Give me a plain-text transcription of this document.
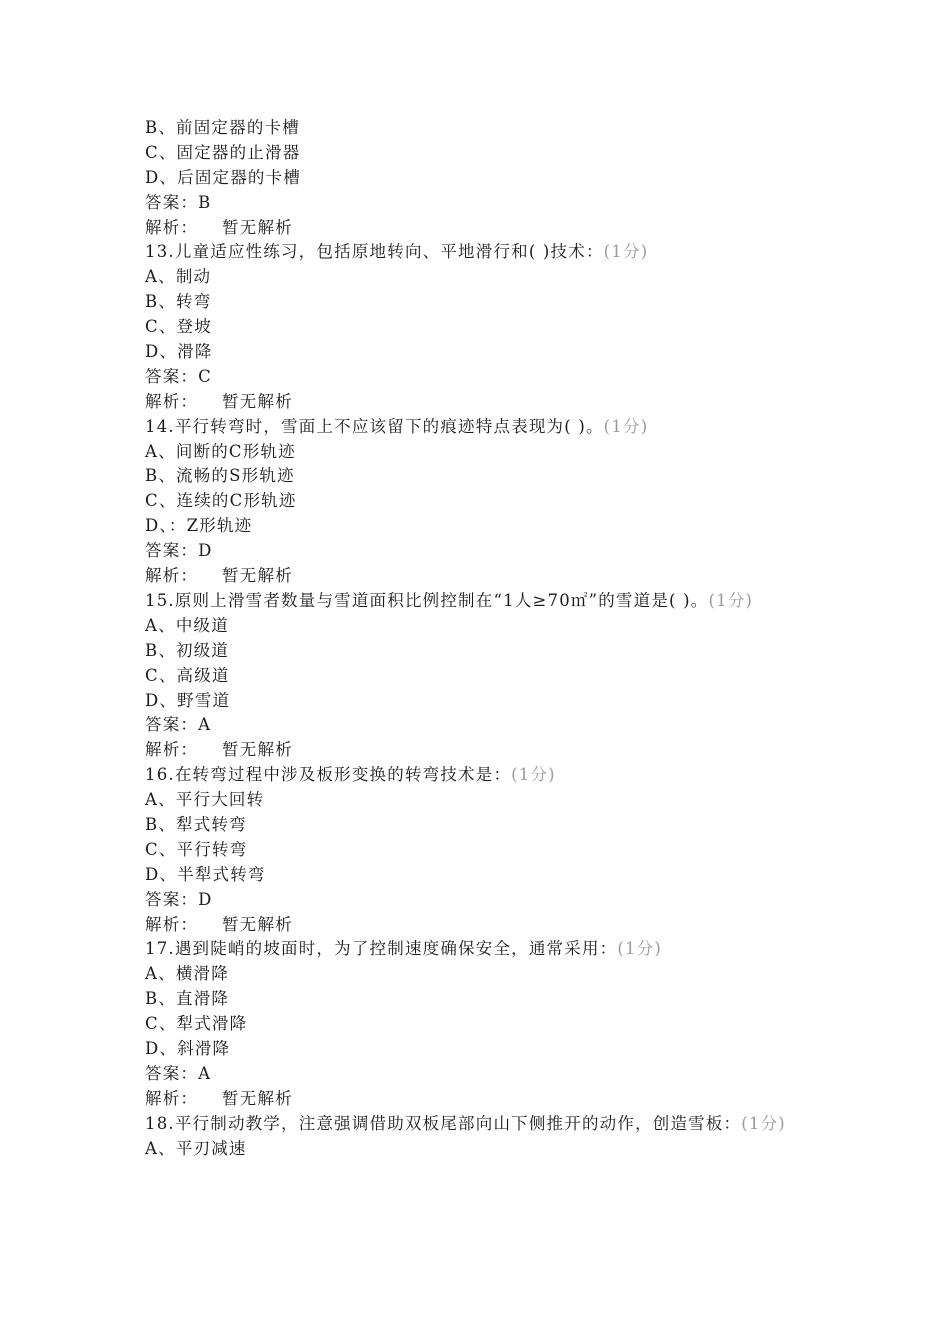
B、前固定器的卡槽
C、固定器的止滑器
D、后固定器的卡槽
答案：B
解析： 暂无解析
13.儿童适应性练习，包括原地转向、平地滑行和( )技术：(1分)
A、制动
B、转弯
C、登坡
D、滑降
答案：C
解析： 暂无解析
14.平行转弯时，雪面上不应该留下的痕迹特点表现为( )。(1分)
A、间断的C形轨迹
B、流畅的S形轨迹
C、连续的C形轨迹
D、：Z形轨迹
答案：D
解析： 暂无解析
15.原则上滑雪者数量与雪道面积比例控制在“1人≥70㎡”的雪道是( )。(1分)
A、中级道
B、初级道
C、高级道
D、野雪道
答案：A
解析： 暂无解析
16.在转弯过程中涉及板形变换的转弯技术是：(1分)
A、平行大回转
B、犁式转弯
C、平行转弯
D、半犁式转弯
答案：D
解析： 暂无解析
17.遇到陡峭的坡面时，为了控制速度确保安全，通常采用：(1分)
A、横滑降
B、直滑降
C、犁式滑降
D、斜滑降
答案：A
解析： 暂无解析
18.平行制动教学，注意强调借助双板尾部向山下侧推开的动作，创造雪板：(1分)
A、平刃减速
